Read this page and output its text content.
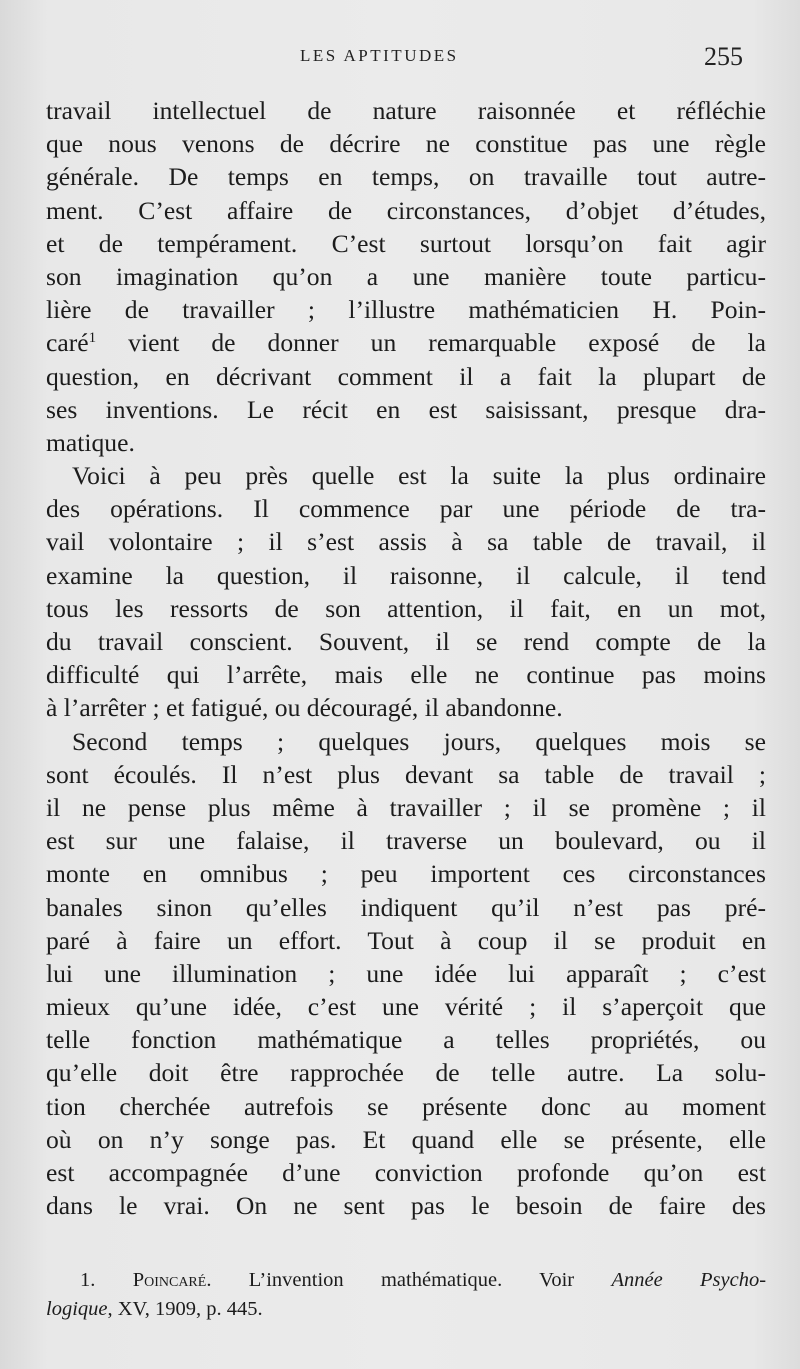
LES APTITUDES	255
travail intellectuel de nature raisonnée et réfléchie
que nous venons de décrire ne constitue pas une règle
générale. De temps en temps, on travaille tout autre-
ment. C’est affaire de circonstances, d’objet d’études,
et de tempérament. C’est surtout lorsqu’on fait agir
son imagination qu’on a une manière toute particu-
lière de travailler ; l’illustre mathématicien H. Poin-
caré$^1$ vient de donner un remarquable exposé de la
question, en décrivant comment il a fait la plupart de
ses inventions. Le récit en est saisissant, presque dra-
matique.
Voici à peu près quelle est la suite la plus ordinaire
des opérations. Il commence par une période de tra-
vail volontaire ; il s’est assis à sa table de travail, il
examine la question, il raisonne, il calcule, il tend
tous les ressorts de son attention, il fait, en un mot,
du travail conscient. Souvent, il se rend compte de la
difficulté qui l’arrête, mais elle ne continue pas moins
à l’arrêter ; et fatigué, ou découragé, il abandonne.
Second temps ; quelques jours, quelques mois se
sont écoulés. Il n’est plus devant sa table de travail ;
il ne pense plus même à travailler ; il se promène ; il
est sur une falaise, il traverse un boulevard, ou il
monte en omnibus ; peu importent ces circonstances
banales sinon qu’elles indiquent qu’il n’est pas pré-
paré à faire un effort. Tout à coup il se produit en
lui une illumination ; une idée lui apparaît ; c’est
mieux qu’une idée, c’est une vérité ; il s’aperçoit que
telle fonction mathématique a telles propriétés, ou
qu’elle doit être rapprochée de telle autre. La solu-
tion cherchée autrefois se présente donc au moment
où on n’y songe pas. Et quand elle se présente, elle
est accompagnée d’une conviction profonde qu’on est
dans le vrai. On ne sent pas le besoin de faire des
1. Poincaré. L’invention mathématique. Voir Année Psycho-
logique, XV, 1909, p. 445.
